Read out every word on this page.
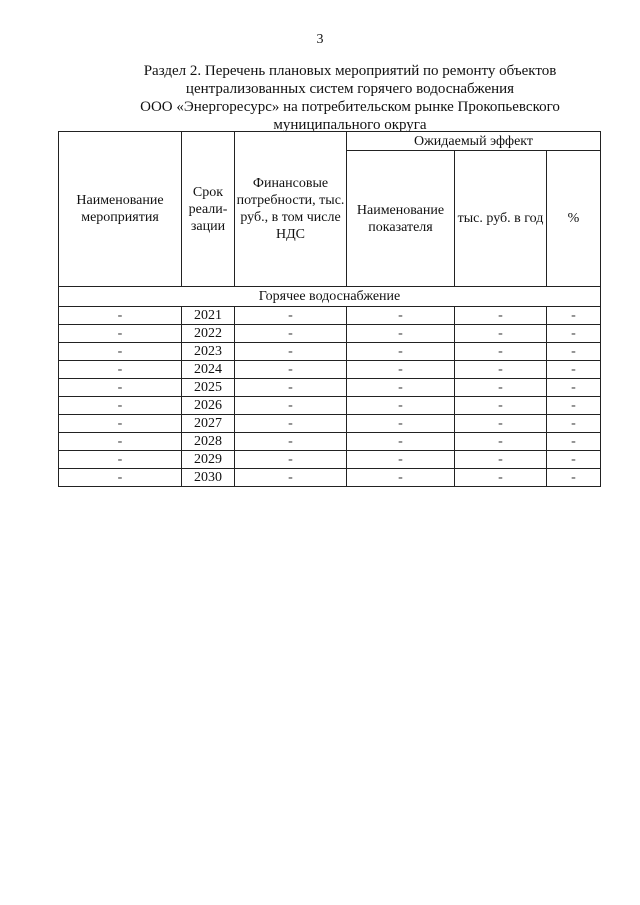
3
Раздел 2. Перечень плановых мероприятий по ремонту объектов
централизованных систем горячего водоснабжения
ООО «Энергоресурс» на потребительском рынке Прокопьевского
муниципального округа
Наименование мероприятия	Срок реали-зации	Финансовые потребности, тыс. руб., в том числе НДС	Ожидаемый эффект		
			Наименование показателя	тыс. руб. в год	%
Горячее водоснабжение					
-	2021	-	-	-	-
-	2022	-	-	-	-
-	2023	-	-	-	-
-	2024	-	-	-	-
-	2025	-	-	-	-
-	2026	-	-	-	-
-	2027	-	-	-	-
-	2028	-	-	-	-
-	2029	-	-	-	-
-	2030	-	-	-	-
